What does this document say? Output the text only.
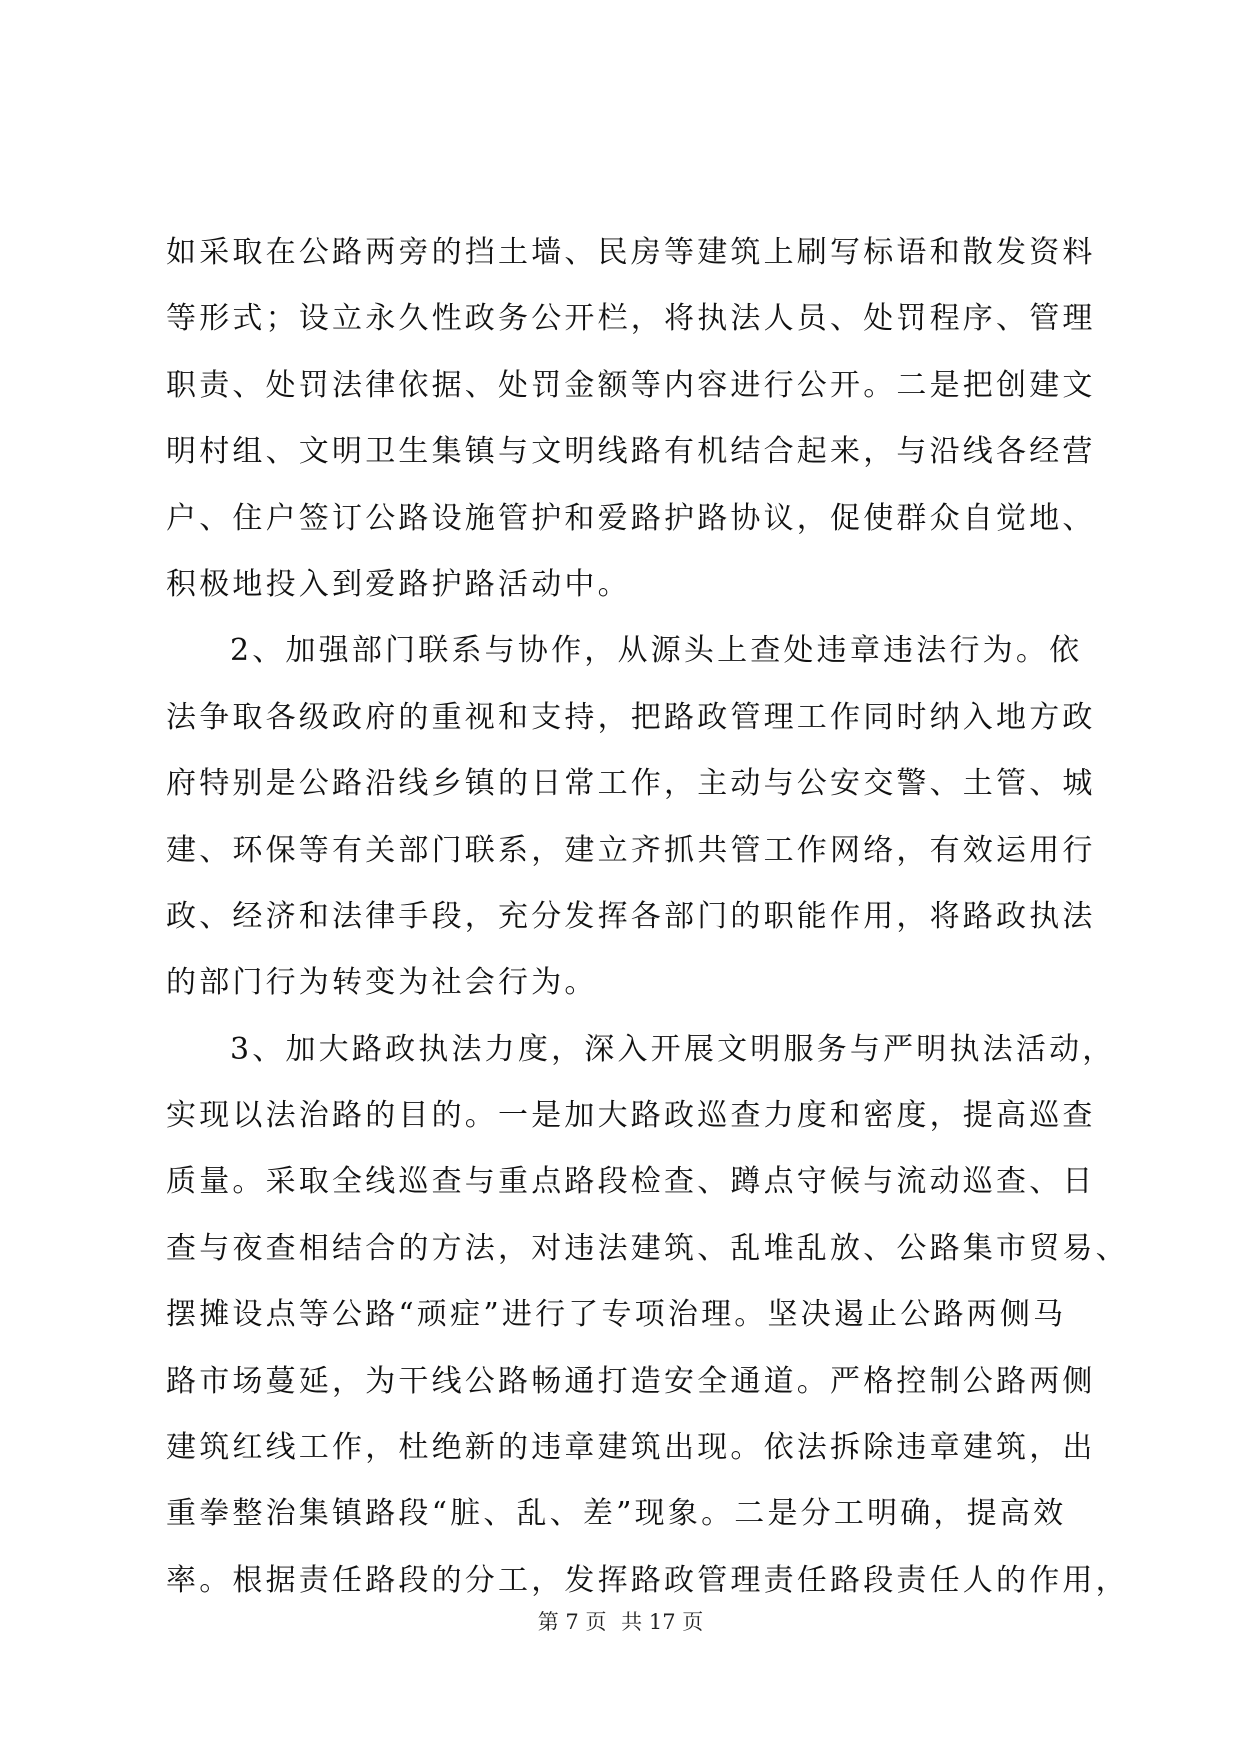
如采取在公路两旁的挡土墙、民房等建筑上刷写标语和散发资料
等形式；设立永久性政务公开栏，将执法人员、处罚程序、管理
职责、处罚法律依据、处罚金额等内容进行公开。二是把创建文
明村组、文明卫生集镇与文明线路有机结合起来，与沿线各经营
户、住户签订公路设施管护和爱路护路协议，促使群众自觉地、
积极地投入到爱路护路活动中。
2、加强部门联系与协作，从源头上查处违章违法行为。依
法争取各级政府的重视和支持，把路政管理工作同时纳入地方政
府特别是公路沿线乡镇的日常工作，主动与公安交警、土管、城
建、环保等有关部门联系，建立齐抓共管工作网络，有效运用行
政、经济和法律手段，充分发挥各部门的职能作用，将路政执法
的部门行为转变为社会行为。
3、加大路政执法力度，深入开展文明服务与严明执法活动，
实现以法治路的目的。一是加大路政巡查力度和密度，提高巡查
质量。采取全线巡查与重点路段检查、蹲点守候与流动巡查、日
查与夜查相结合的方法，对违法建筑、乱堆乱放、公路集市贸易、
摆摊设点等公路“顽症”进行了专项治理。坚决遏止公路两侧马
路市场蔓延，为干线公路畅通打造安全通道。严格控制公路两侧
建筑红线工作，杜绝新的违章建筑出现。依法拆除违章建筑，出
重拳整治集镇路段“脏、乱、差”现象。二是分工明确，提高效
率。根据责任路段的分工，发挥路政管理责任路段责任人的作用，
第 7 页 共 17 页
